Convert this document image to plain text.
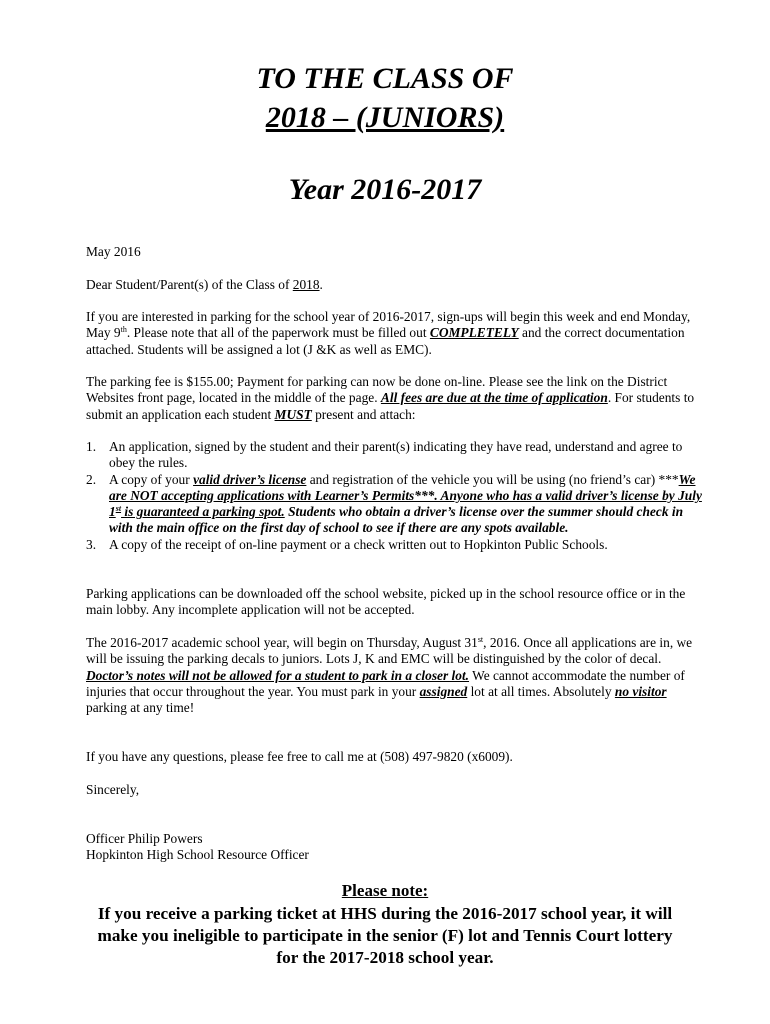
TO THE CLASS OF
2018 – (JUNIORS)
Year 2016-2017

May 2016

Dear Student/Parent(s) of the Class of 2018.

If you are interested in parking for the school year of 2016-2017, sign-ups will begin this week and end Monday, May 9th. Please note that all of the paperwork must be filled out COMPLETELY and the correct documentation attached. Students will be assigned a lot (J &K as well as EMC).

The parking fee is $155.00; Payment for parking can now be done on-line. Please see the link on the District Websites front page, located in the middle of the page. All fees are due at the time of application. For students to submit an application each student MUST present and attach:

1. An application, signed by the student and their parent(s) indicating they have read, understand and agree to obey the rules.

2. A copy of your valid driver’s license and registration of the vehicle you will be using (no friend’s car) ***We are NOT accepting applications with Learner’s Permits***. Anyone who has a valid driver’s license by July 1st is guaranteed a parking spot. Students who obtain a driver’s license over the summer should check in with the main office on the first day of school to see if there are any spots available.

3. A copy of the receipt of on-line payment or a check written out to Hopkinton Public Schools.

Parking applications can be downloaded off the school website, picked up in the school resource office or in the main lobby. Any incomplete application will not be accepted.

The 2016-2017 academic school year, will begin on Thursday, August 31st, 2016. Once all applications are in, we will be issuing the parking decals to juniors. Lots J, K and EMC will be distinguished by the color of decal. Doctor’s notes will not be allowed for a student to park in a closer lot. We cannot accommodate the number of injuries that occur throughout the year. You must park in your assigned lot at all times. Absolutely no visitor parking at any time!

If you have any questions, please fee free to call me at (508) 497-9820 (x6009).

Sincerely,

Officer Philip Powers

Hopkinton High School Resource Officer

Please note:

If you receive a parking ticket at HHS during the 2016-2017 school year, it will

make you ineligible to participate in the senior (F) lot and Tennis Court lottery

for the 2017-2018 school year.
